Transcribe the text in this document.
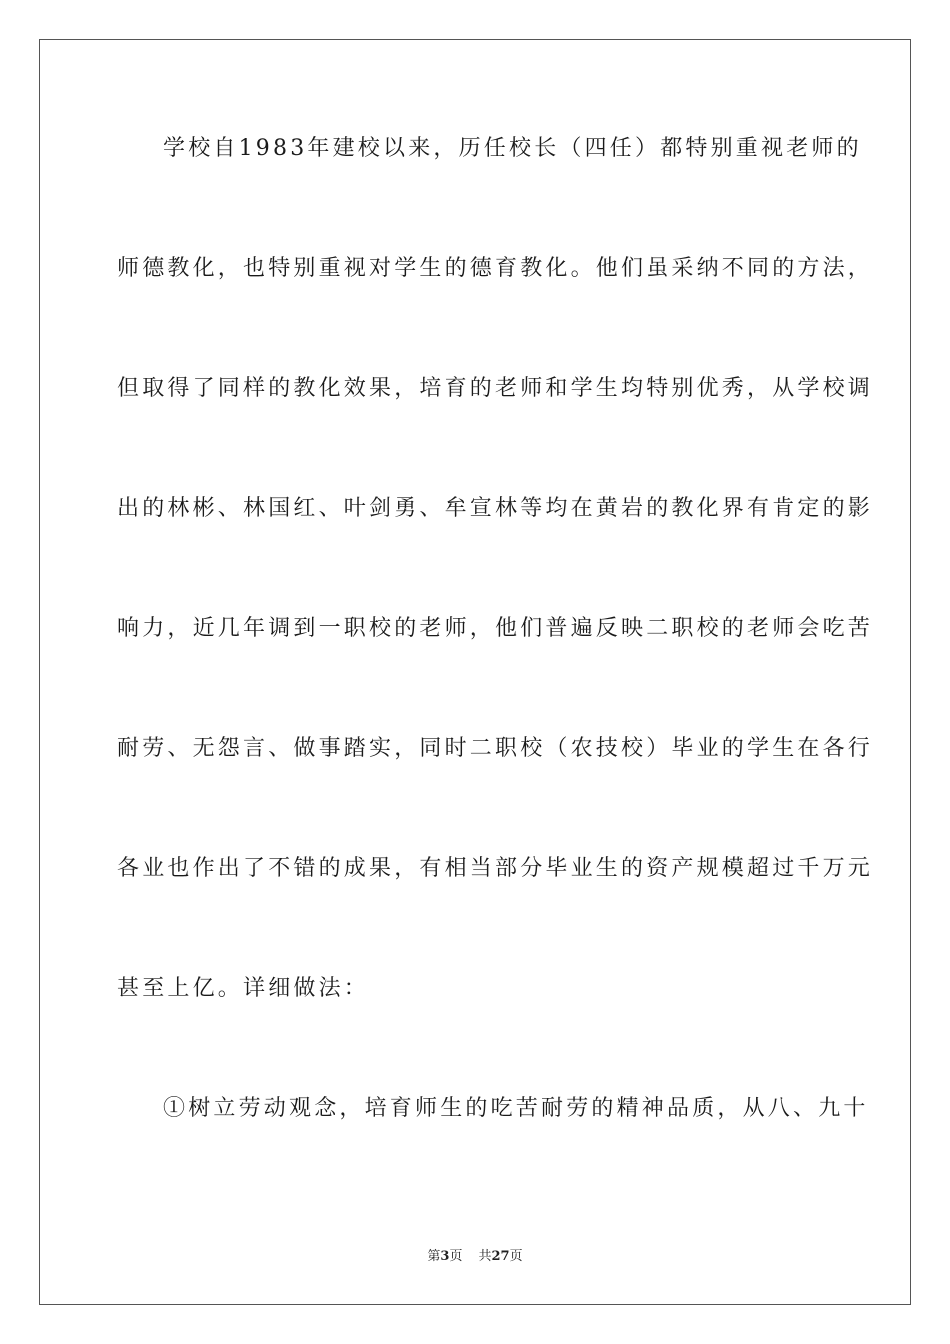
学校自1983年建校以来，历任校长（四任）都特别重视老师的
师德教化，也特别重视对学生的德育教化。他们虽采纳不同的方法，
但取得了同样的教化效果，培育的老师和学生均特别优秀，从学校调
出的林彬、林国红、叶剑勇、牟宣林等均在黄岩的教化界有肯定的影
响力，近几年调到一职校的老师，他们普遍反映二职校的老师会吃苦
耐劳、无怨言、做事踏实，同时二职校（农技校）毕业的学生在各行
各业也作出了不错的成果，有相当部分毕业生的资产规模超过千万元
甚至上亿。详细做法：
①树立劳动观念，培育师生的吃苦耐劳的精神品质，从八、九十
第3页 共27页
